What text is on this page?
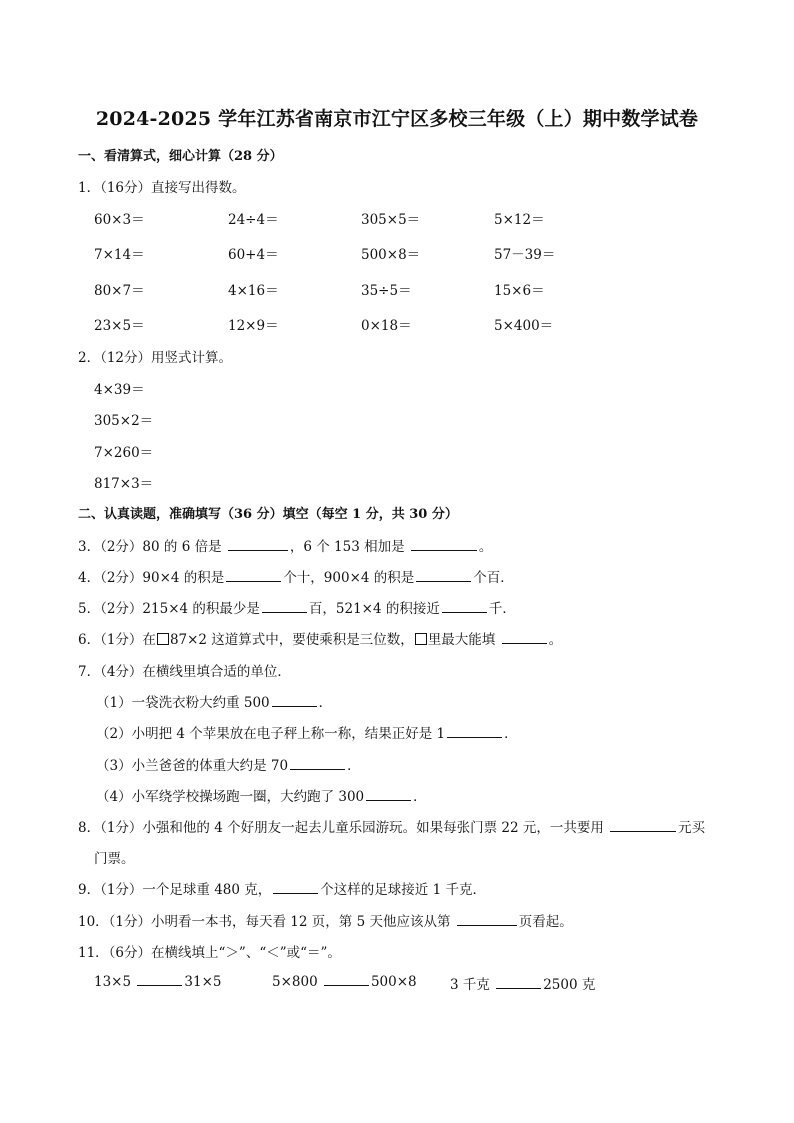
2024-2025 学年江苏省南京市江宁区多校三年级（上）期中数学试卷
一、看清算式，细心计算（28 分）
1．（16分）直接写出得数。
60×3＝	24÷4＝	305×5＝	5×12＝
7×14＝	60+4＝	500×8＝	57－39＝
80×7＝	4×16＝	35÷5＝	15×6＝
23×5＝	12×9＝	0×18＝	5×400＝
2．（12分）用竖式计算。
4×39＝
305×2＝
7×260＝
817×3＝
二、认真读题，准确填写（36 分）填空（每空 1 分，共 30 分）
3．（2分）80 的 6 倍是	，6 个 153 相加是	。
4．（2分）90×4 的积是	个十，900×4 的积是	个百．
5．（2分）215×4 的积最少是	百，521×4 的积接近	千．
6．（1分）在 87×2 这道算式中，要使乘积是三位数， 里最大能填	。
7．（4分）在横线里填合适的单位．
（1）一袋洗衣粉大约重 500	．
（2）小明把 4 个苹果放在电子秤上称一称，结果正好是 1	．
（3）小兰爸爸的体重大约是 70	．
（4）小军绕学校操场跑一圈，大约跑了 300	．
8．（1分）小强和他的 4 个好朋友一起去儿童乐园游玩。如果每张门票 22 元，一共要用	元买
门票。
9．（1分）一个足球重 480 克，	个这样的足球接近 1 千克．
10．（1分）小明看一本书，每天看 12 页，第 5 天他应该从第	页看起。
11．（6分）在横线填上“＞”、“＜”或“＝”。
13×5	31×5	5×800	500×8 3 千克	2500 克
